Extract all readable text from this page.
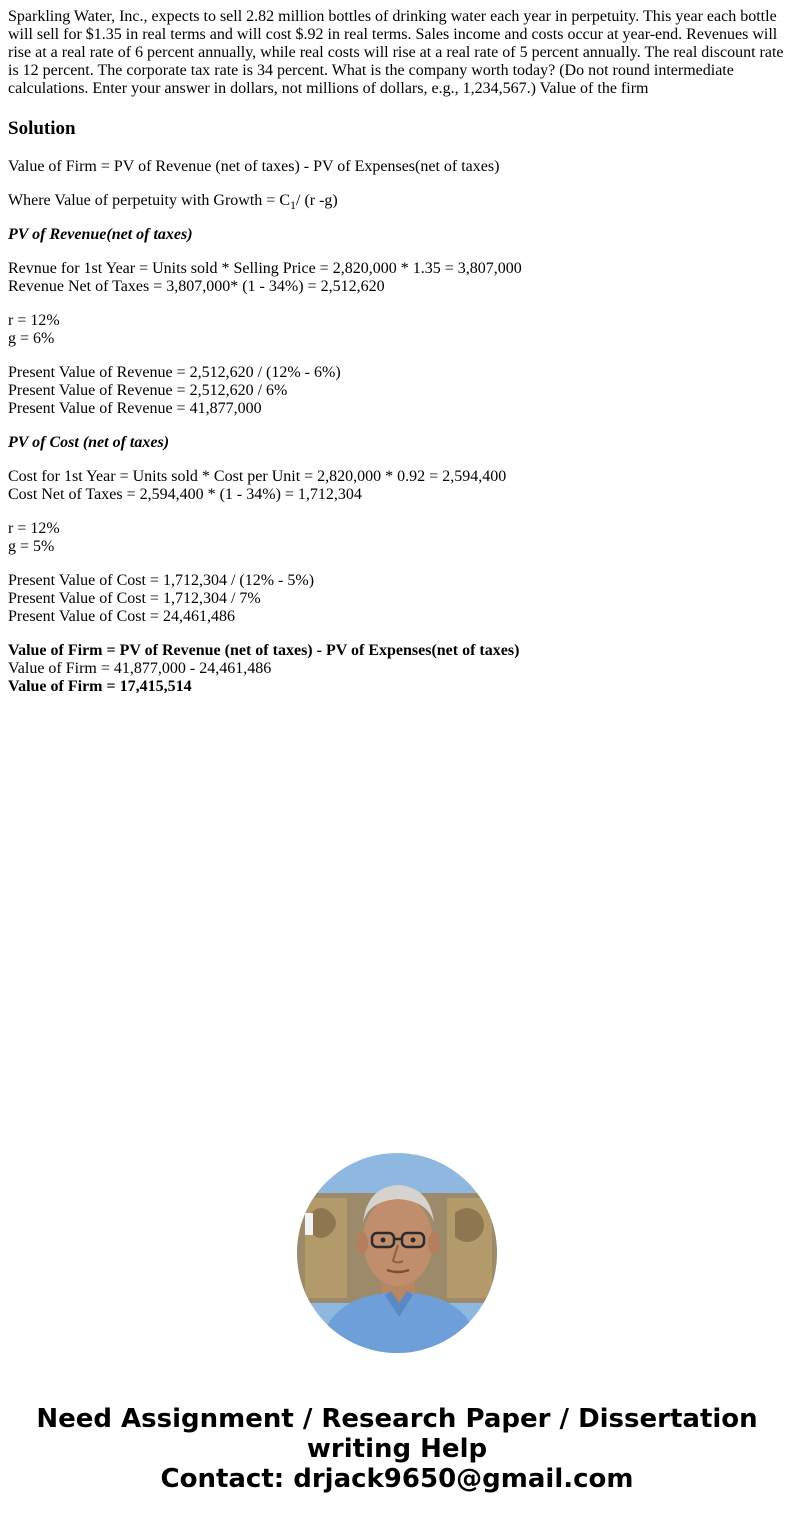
Sparkling Water, Inc., expects to sell 2.82 million bottles of drinking water each year in perpetuity. This year each bottle will sell for $1.35 in real terms and will cost $.92 in real terms. Sales income and costs occur at year-end. Revenues will rise at a real rate of 6 percent annually, while real costs will rise at a real rate of 5 percent annually. The real discount rate is 12 percent. The corporate tax rate is 34 percent. What is the company worth today? (Do not round intermediate calculations. Enter your answer in dollars, not millions of dollars, e.g., 1,234,567.) Value of the firm
Solution

Value of Firm = PV of Revenue (net of taxes) - PV of Expenses(net of taxes)

Where Value of perpetuity with Growth = $C_1/$ (r -g)

PV of Revenue(net of taxes)

Revnue for 1st Year = Units sold * Selling Price = 2,820,000 * 1.35 = 3,807,000
Revenue Net of Taxes = 3,807,000* (1 - 34%) = 2,512,620

r = 12%
g = 6%

Present Value of Revenue = 2,512,620 / (12% - 6%)
Present Value of Revenue = 2,512,620 / 6%
Present Value of Revenue = 41,877,000

PV of Cost (net of taxes)

Cost for 1st Year = Units sold * Cost per Unit = 2,820,000 * 0.92 = 2,594,400
Cost Net of Taxes = 2,594,400 * (1 - 34%) = 1,712,304

r = 12%
g = 5%

Present Value of Cost = 1,712,304 / (12% - 5%)
Present Value of Cost = 1,712,304 / 7%
Present Value of Cost = 24,461,486

Value of Firm = PV of Revenue (net of taxes) - PV of Expenses(net of taxes)
Value of Firm = 41,877,000 - 24,461,486
Value of Firm = 17,415,514

Need Assignment / Research Paper / Dissertation
writing Help
Contact: drjack9650@gmail.com
